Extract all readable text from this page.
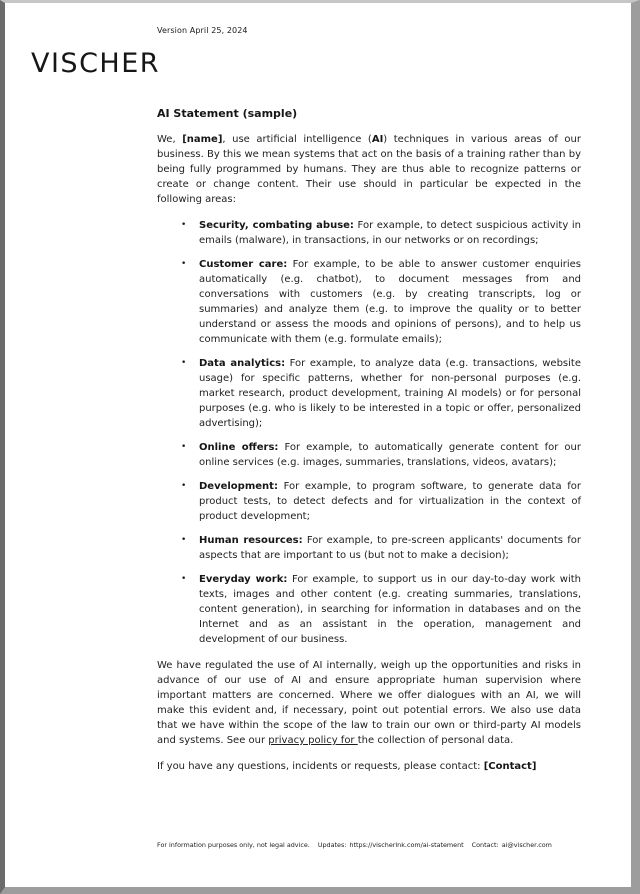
Version April 25, 2024
VISCHER
AI Statement (sample)

We, [name], use artificial intelligence (AI) techniques in various areas of our business. By this we mean systems that act on the basis of a training rather than by being fully programmed by humans. They are thus able to recognize patterns or create or change content. Their use should in particular be expected in the following areas:

•	Security, combating abuse: For example, to detect suspicious activity in emails (malware), in transactions, in our networks or on recordings;
•	Customer care: For example, to be able to answer customer enquiries automatically (e.g. chatbot), to document messages from and conversations with customers (e.g. by creating transcripts, log or summaries) and analyze them (e.g. to improve the quality or to better understand or assess the moods and opinions of persons), and to help us communicate with them (e.g. formulate emails);
•	Data analytics: For example, to analyze data (e.g. transactions, website usage) for specific patterns, whether for non-personal purposes (e.g. market research, product development, training AI models) or for personal purposes (e.g. who is likely to be interested in a topic or offer, personalized advertising);
•	Online offers: For example, to automatically generate content for our online services (e.g. images, summaries, translations, videos, avatars);
•	Development: For example, to program software, to generate data for product tests, to detect defects and for virtualization in the context of product development;
•	Human resources: For example, to pre-screen applicants' documents for aspects that are important to us (but not to make a decision);
•	Everyday work: For example, to support us in our day-to-day work with texts, images and other content (e.g. creating summaries, translations, content generation), in searching for information in databases and on the Internet and as an assistant in the operation, management and development of our business.

We have regulated the use of AI internally, weigh up the opportunities and risks in advance of our use of AI and ensure appropriate human supervision where important matters are concerned. Where we offer dialogues with an AI, we will make this evident and, if necessary, point out potential errors. We also use data that we have within the scope of the law to train our own or third-party AI models and systems. See our privacy policy for the collection of personal data.

If you have any questions, incidents or requests, please contact: [Contact]

For information purposes only, not legal advice. Updates: https://vischerlnk.com/ai-statement Contact: ai@vischer.com
